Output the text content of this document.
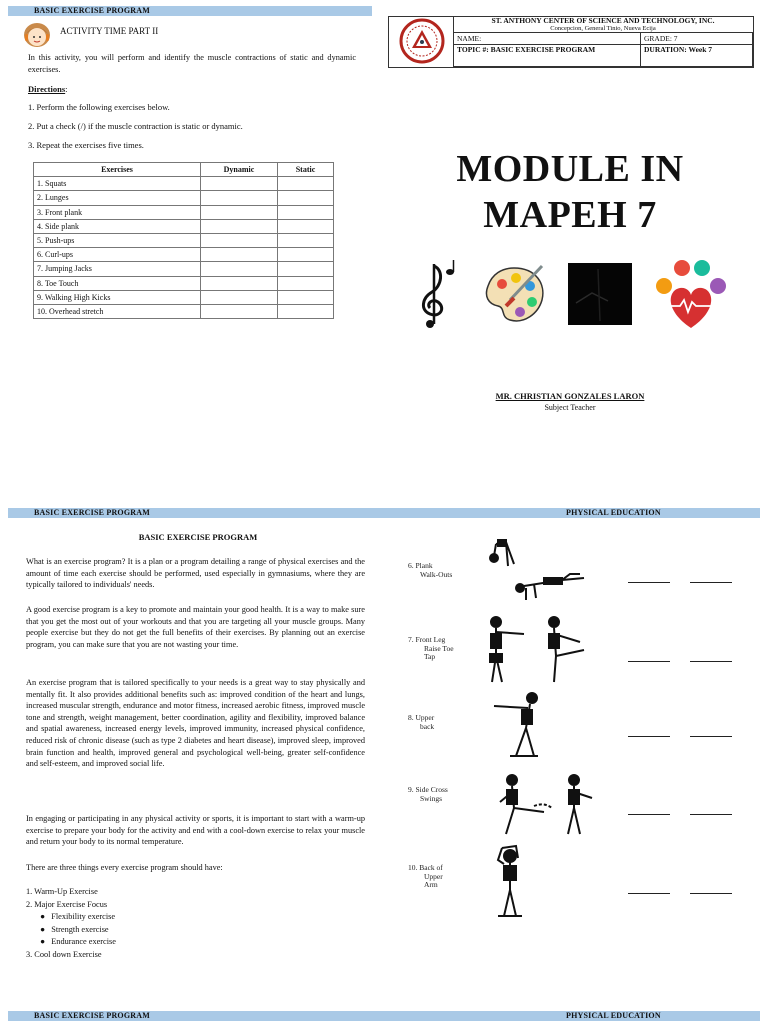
BASIC EXERCISE PROGRAM
ACTIVITY TIME PART II

In this activity, you will perform and identify the muscle contractions of static and dynamic exercises.

Directions:
1. Perform the following exercises below.
2. Put a check (/) if the muscle contraction is static or dynamic.
3. Repeat the exercises five times.
Exercises	Dynamic	Static
1. Squats		
2. Lunges		
3. Front plank		
4. Side plank		
5. Push-ups		
6. Curl-ups		
7. Jumping Jacks		
8. Toe Touch		
9. Walking High Kicks		
10. Overhead stretch		
ST. ANTHONY CENTER OF SCIENCE AND TECHNOLOGY, INC.
Concepcion, General Tinio, Nueva Ecija
NAME:	GRADE: 7
TOPIC #: BASIC EXERCISE PROGRAM	DURATION: Week 7
MODULE IN
MAPEH 7
MR. CHRISTIAN GONZALES LARON
Subject Teacher
BASIC EXERCISE PROGRAM	PHYSICAL EDUCATION
BASIC EXERCISE PROGRAM

What is an exercise program? It is a plan or a program detailing a range of physical exercises and the amount of time each exercise should be performed, used especially in gymnasiums, where they are typically tailored to individuals' needs.

A good exercise program is a key to promote and maintain your good health. It is a way to make sure that you get the most out of your workouts and that you are targeting all your muscle groups. Many people exercise but they do not get the full benefits of their exercises. By planning out an exercise program, you can make sure that you are not wasting your time.

An exercise program that is tailored specifically to your needs is a great way to stay physically and mentally fit. It also provides additional benefits such as: improved condition of the heart and lungs, increased muscular strength, endurance and motor fitness, increased aerobic fitness, improved muscle tone and strength, weight management, better coordination, agility and flexibility, improved balance and spatial awareness, increased energy levels, improved immunity, increased physical confidence, reduced risk of chronic disease (such as type 2 diabetes and heart disease), improved sleep, improved brain function and health, improved general and psychological well-being, greater self-confidence and self-esteem, and improved social life.

In engaging or participating in any physical activity or sports, it is important to start with a warm-up exercise to prepare your body for the activity and end with a cool-down exercise to relax your muscle and return your body to its normal temperature.

There are three things every exercise program should have:

1. Warm-Up Exercise
2. Major Exercise Focus
●   Flexibility exercise
●   Strength exercise
●   Endurance exercise
3. Cool down Exercise
6. Plank
Walk-Outs
7. Front Leg
Raise Toe
Tap
8. Upper
back
9. Side Cross
Swings
10. Back of
Upper
Arm
BASIC EXERCISE PROGRAM	PHYSICAL EDUCATION
